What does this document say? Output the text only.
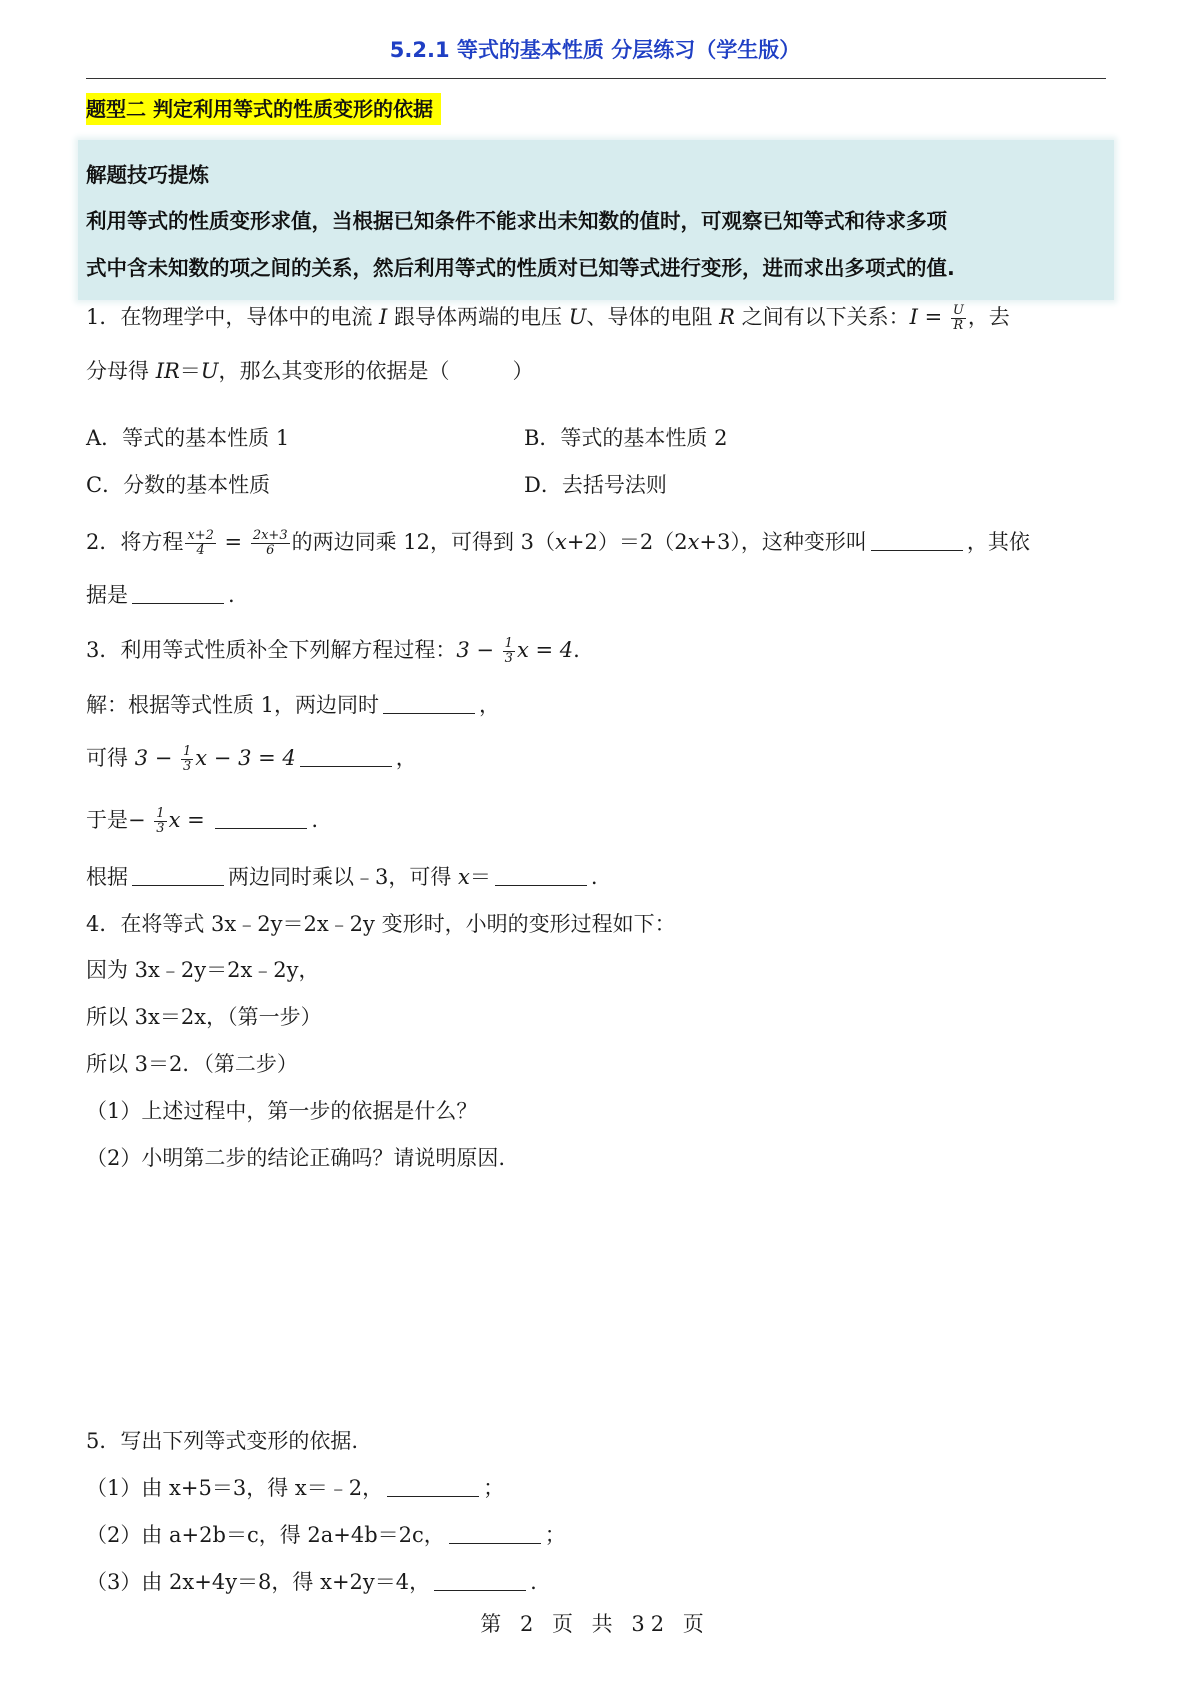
5.2.1 等式的基本性质 分层练习（学生版）
题型二 判定利用等式的性质变形的依据
解题技巧提炼
利用等式的性质变形求值，当根据已知条件不能求出未知数的值时，可观察已知等式和待求多项
式中含未知数的项之间的关系，然后利用等式的性质对已知等式进行变形，进而求出多项式的值.
1．在物理学中，导体中的电流 I 跟导体两端的电压 U、导体的电阻 R 之间有以下关系：$I = \frac{U}{R}$ ，去
分母得 IR＝U，那么其变形的依据是（　　　）
A．等式的基本性质 1	B．等式的基本性质 2
C．分数的基本性质	D．去括号法则
2．将方程 $\frac{x+2}{4} = \frac{2x+3}{6}$ 的两边同乘 12，可得到 3（x+2）＝2（2x+3），这种变形叫	，其依
据是	.
3．利用等式性质补全下列解方程过程：$3 - \frac{1}{3}$ x = 4.
解：根据等式性质 1，两边同时	，
可得 $3 - \frac{1}{3}$ x − 3 = 4	，
于是− $\frac{1}{3}$ x =	.
根据	两边同时乘以﹣3，可得 x＝	.
4．在将等式 3x﹣2y＝2x﹣2y 变形时，小明的变形过程如下：
因为 3x﹣2y＝2x﹣2y，
所以 3x＝2x，（第一步）
所以 3＝2．（第二步）
（1）上述过程中，第一步的依据是什么？
（2）小明第二步的结论正确吗？请说明原因.
5．写出下列等式变形的依据.
（1）由 x+5＝3，得 x＝﹣2，	；
（2）由 a+2b＝c，得 2a+4b＝2c，	；
（3）由 2x+4y＝8，得 x+2y＝4，	.
第 2 页 共 32 页
